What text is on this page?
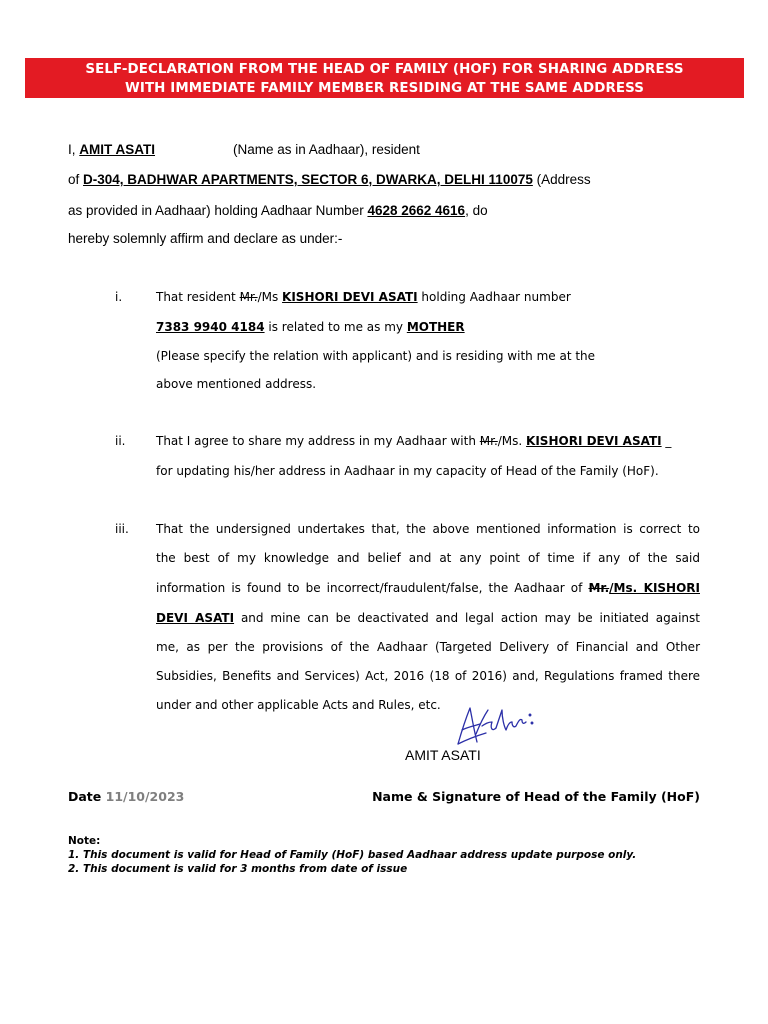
SELF-DECLARATION FROM THE HEAD OF FAMILY (HOF) FOR SHARING ADDRESS
WITH IMMEDIATE FAMILY MEMBER RESIDING AT THE SAME ADDRESS
I, AMIT ASATI	(Name as in Aadhaar), resident
of D-304, BADHWAR APARTMENTS, SECTOR 6, DWARKA, DELHI 110075 (Address
as provided in Aadhaar) holding Aadhaar Number 4628 2662 4616, do
hereby solemnly affirm and declare as under:-
i.	That resident Mr./Ms KISHORI DEVI ASATI holding Aadhaar number
7383 9940 4184 is related to me as my MOTHER
(Please specify the relation with applicant) and is residing with me at the
above mentioned address.
ii.	That I agree to share my address in my Aadhaar with Mr./Ms. KISHORI DEVI ASATI _
for updating his/her address in Aadhaar in my capacity of Head of the Family (HoF).
iii. That the undersigned undertakes that, the above mentioned information is correct to
the best of my knowledge and belief and at any point of time if any of the said
information is found to be incorrect/fraudulent/false, the Aadhaar of Mr./Ms. KISHORI
DEVI ASATI and mine can be deactivated and legal action may be initiated against
me, as per the provisions of the Aadhaar (Targeted Delivery of Financial and Other
Subsidies, Benefits and Services) Act, 2016 (18 of 2016) and, Regulations framed there
under and other applicable Acts and Rules, etc.
AMIT ASATI
Date 11/10/2023	Name & Signature of Head of the Family (HoF)
Note:
1. This document is valid for Head of Family (HoF) based Aadhaar address update purpose only.
2. This document is valid for 3 months from date of issue
